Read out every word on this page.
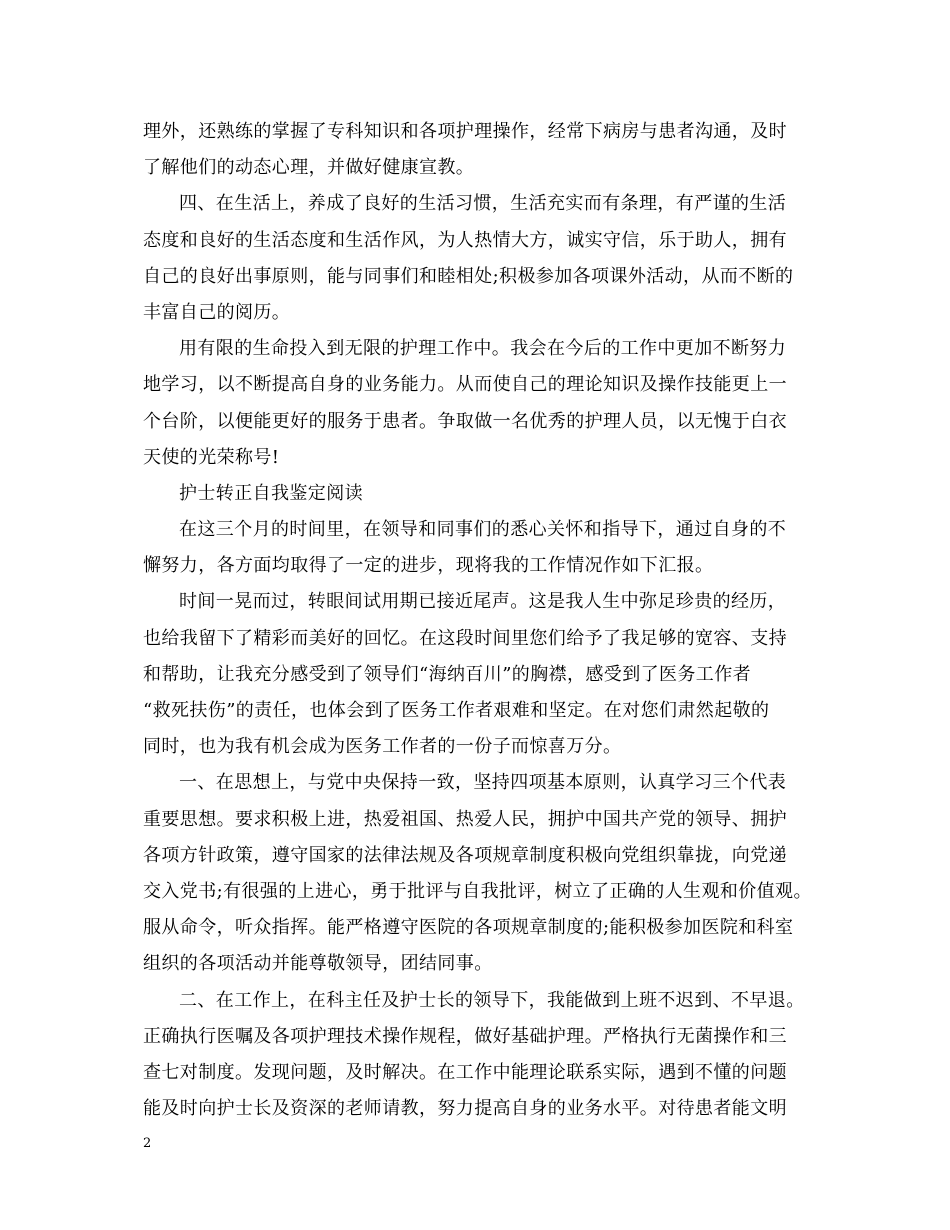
理外，还熟练的掌握了专科知识和各项护理操作，经常下病房与患者沟通，及时
了解他们的动态心理，并做好健康宣教。
四、在生活上，养成了良好的生活习惯，生活充实而有条理，有严谨的生活
态度和良好的生活态度和生活作风，为人热情大方，诚实守信，乐于助人，拥有
自己的良好出事原则，能与同事们和睦相处;积极参加各项课外活动，从而不断的
丰富自己的阅历。
用有限的生命投入到无限的护理工作中。我会在今后的工作中更加不断努力
地学习，以不断提高自身的业务能力。从而使自己的理论知识及操作技能更上一
个台阶，以便能更好的服务于患者。争取做一名优秀的护理人员，以无愧于白衣
天使的光荣称号!
护士转正自我鉴定阅读
在这三个月的时间里，在领导和同事们的悉心关怀和指导下，通过自身的不
懈努力，各方面均取得了一定的进步，现将我的工作情况作如下汇报。
时间一晃而过，转眼间试用期已接近尾声。这是我人生中弥足珍贵的经历，
也给我留下了精彩而美好的回忆。在这段时间里您们给予了我足够的宽容、支持
和帮助，让我充分感受到了领导们“海纳百川”的胸襟，感受到了医务工作者
“救死扶伤”的责任，也体会到了医务工作者艰难和坚定。在对您们肃然起敬的
同时，也为我有机会成为医务工作者的一份子而惊喜万分。
一、在思想上，与党中央保持一致，坚持四项基本原则，认真学习三个代表
重要思想。要求积极上进，热爱祖国、热爱人民，拥护中国共产党的领导、拥护
各项方针政策，遵守国家的法律法规及各项规章制度积极向党组织靠拢，向党递
交入党书;有很强的上进心，勇于批评与自我批评，树立了正确的人生观和价值观。
服从命令，听众指挥。能严格遵守医院的各项规章制度的;能积极参加医院和科室
组织的各项活动并能尊敬领导，团结同事。
二、在工作上，在科主任及护士长的领导下，我能做到上班不迟到、不早退。
正确执行医嘱及各项护理技术操作规程，做好基础护理。严格执行无菌操作和三
查七对制度。发现问题，及时解决。在工作中能理论联系实际，遇到不懂的问题
能及时向护士长及资深的老师请教，努力提高自身的业务水平。对待患者能文明
2
